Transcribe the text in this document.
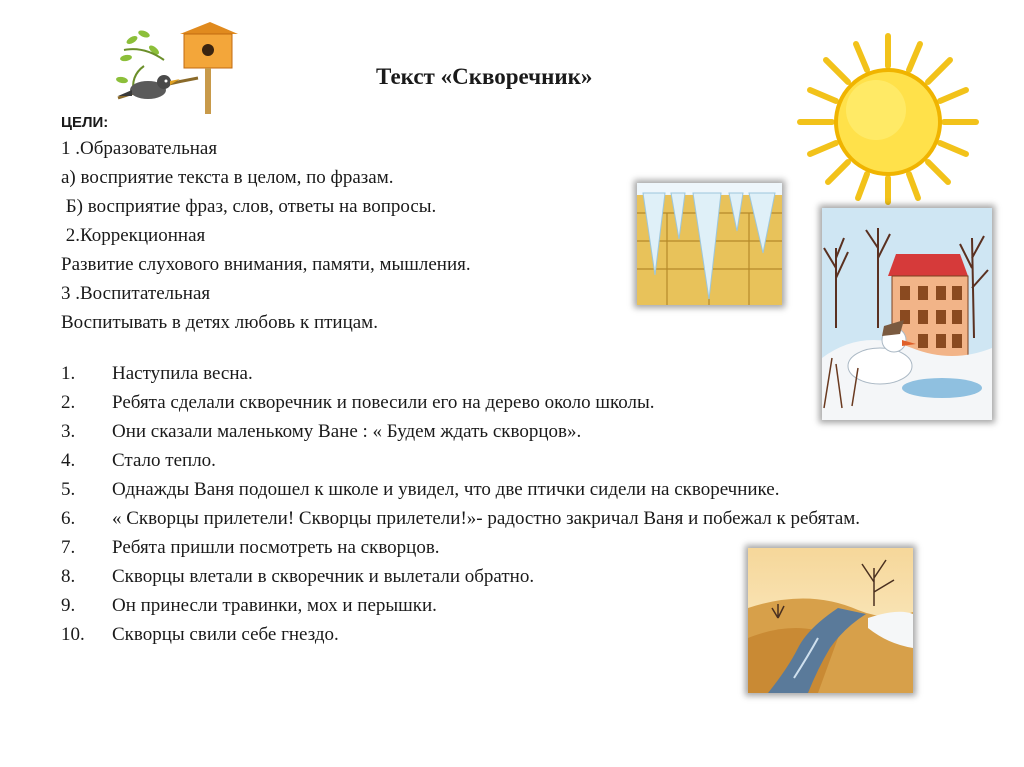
Текст «Скворечник»
ЦЕЛИ:
1 .Образовательная
а) восприятие текста в целом, по фразам.
Б) восприятие фраз, слов, ответы на вопросы.
2.Коррекционная
Развитие слухового внимания, памяти, мышления.
3 .Воспитательная
Воспитывать в детях любовь к птицам.
1. Наступила весна.
2. Ребята сделали скворечник и повесили его на дерево около школы.
3. Они сказали маленькому Ване : « Будем ждать скворцов».
4. Стало тепло.
5. Однажды Ваня подошел к школе и увидел, что две птички сидели на скворечнике.
6. « Скворцы прилетели! Скворцы прилетели!»- радостно закричал Ваня и побежал к ребятам.
7. Ребята пришли посмотреть на скворцов.
8. Скворцы влетали в скворечник и вылетали обратно.
9. Он принесли травинки, мох и перышки.
10. Скворцы свили себе гнездо.
